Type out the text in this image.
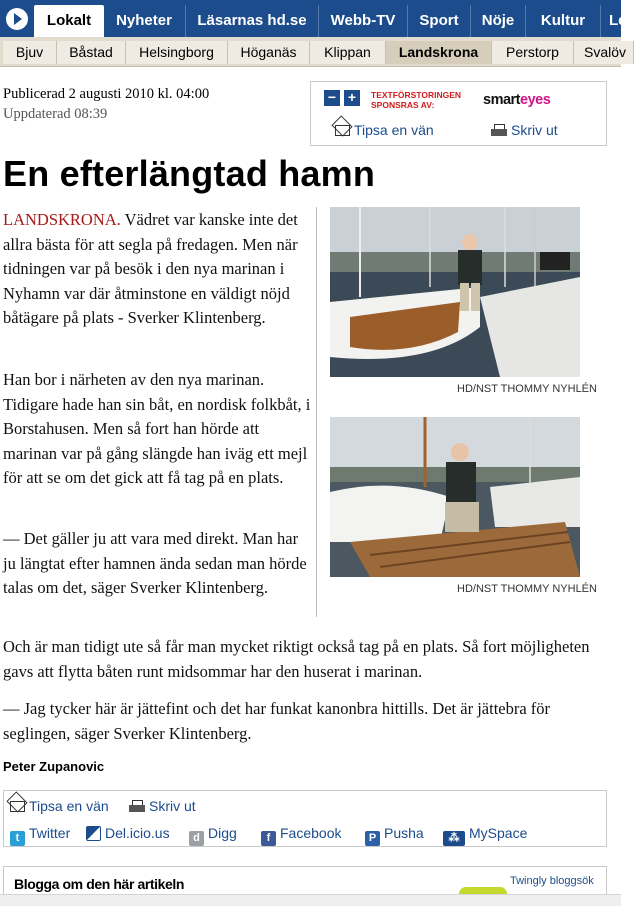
Lokalt	Nyheter	Läsarnas hd.se	Webb-TV	Sport	Nöje	Kultur	Le
Bjuv	Båstad	Helsingborg	Höganäs	Klippan	Landskrona	Perstorp	Svalöv
Publicerad 2 augusti 2010 kl. 04:00
Uppdaterad 08:39
− +	TEXTFÖRSTORINGEN
SPONSRAS AV:	smarteyes
Tipsa en vän	Skriv ut
En efterlängtad hamn

LANDSKRONA. Vädret var kanske inte det allra bästa för att segla på fredagen. Men när tidningen var på besök i den nya marinan i Nyhamn var där åtminstone en väldigt nöjd båtägare på plats - Sverker Klintenberg.

Han bor i närheten av den nya marinan. Tidigare hade han sin båt, en nordisk folkbåt, i Borstahusen. Men så fort han hörde att marinan var på gång slängde han iväg ett mejl för att se om det gick att få tag på en plats.

— Det gäller ju att vara med direkt. Man har ju längtat efter hamnen ända sedan man hörde talas om det, säger Sverker Klintenberg.

HD/NST THOMMY NYHLÉN
HD/NST THOMMY NYHLÉN

Och är man tidigt ute så får man mycket riktigt också tag på en plats. Så fort möjligheten gavs att flytta båten runt midsommar har den huserat i marinan.

— Jag tycker här är jättefint och det har funkat kanonbra hittills. Det är jättebra för seglingen, säger Sverker Klintenberg.

Peter Zupanovic
Tipsa en vän	Skriv ut
t Twitter	Del.icio.us	d Digg	f Facebook	P Pusha	⁂ MySpace
Blogga om den här artikeln	Twingly bloggsök
